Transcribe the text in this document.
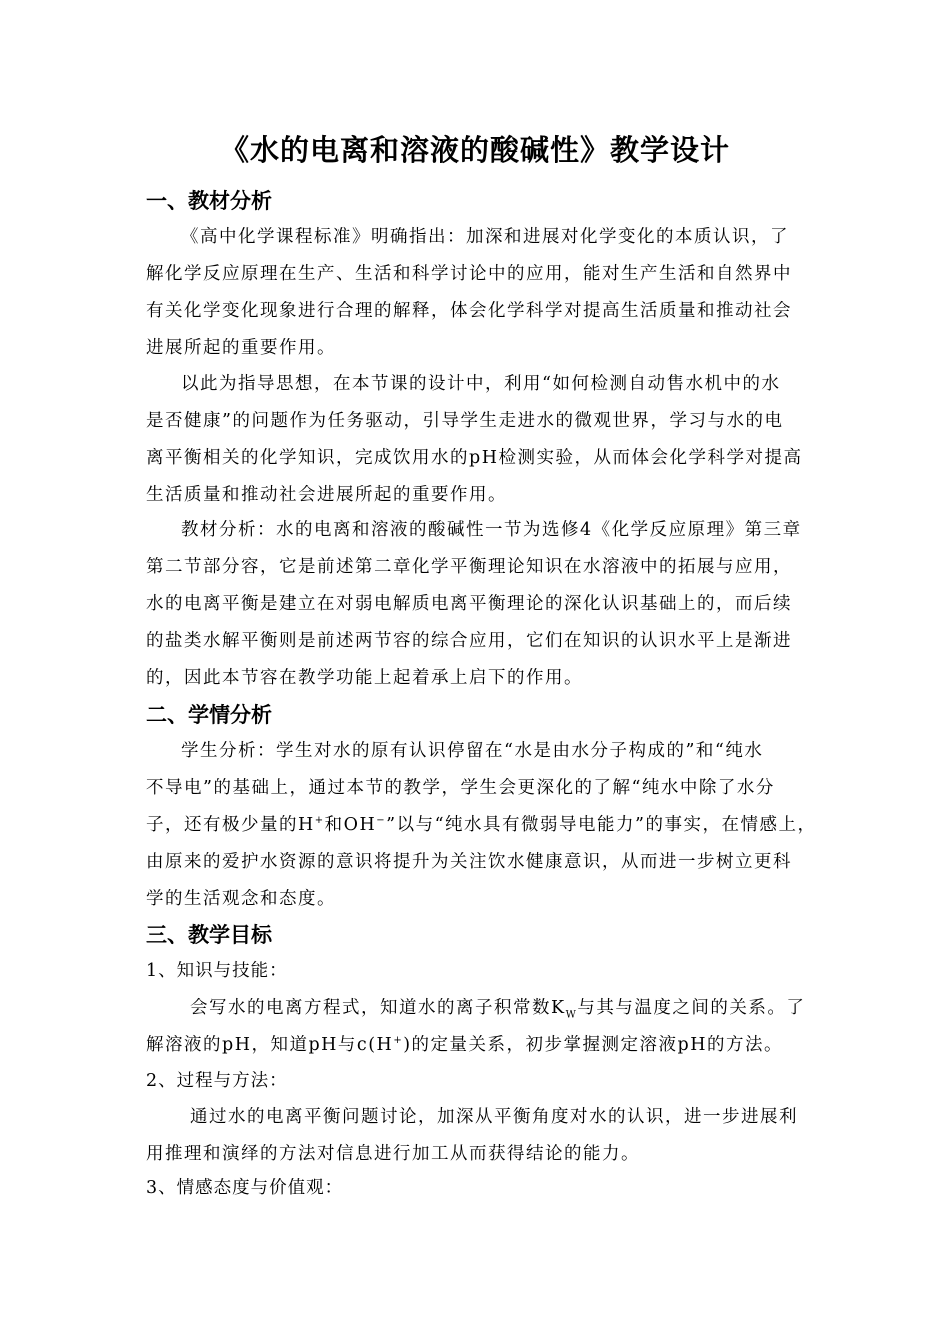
《水的电离和溶液的酸碱性》教学设计
一、教材分析

《高中化学课程标准》明确指出：加深和进展对化学变化的本质认识，了
解化学反应原理在生产、生活和科学讨论中的应用，能对生产生活和自然界中
有关化学变化现象进行合理的解释，体会化学科学对提高生活质量和推动社会
进展所起的重要作用。

以此为指导思想，在本节课的设计中，利用“如何检测自动售水机中的水
是否健康”的问题作为任务驱动，引导学生走进水的微观世界，学习与水的电
离平衡相关的化学知识，完成饮用水的pH检测实验，从而体会化学科学对提高
生活质量和推动社会进展所起的重要作用。

教材分析：水的电离和溶液的酸碱性一节为选修4《化学反应原理》第三章
第二节部分容，它是前述第二章化学平衡理论知识在水溶液中的拓展与应用，
水的电离平衡是建立在对弱电解质电离平衡理论的深化认识基础上的，而后续
的盐类水解平衡则是前述两节容的综合应用，它们在知识的认识水平上是渐进
的，因此本节容在教学功能上起着承上启下的作用。

二、学情分析

学生分析：学生对水的原有认识停留在“水是由水分子构成的”和“纯水
不导电”的基础上，通过本节的教学，学生会更深化的了解“纯水中除了水分
子，还有极少量的H+和OH−”以与“纯水具有微弱导电能力”的事实，在情感上，
由原来的爱护水资源的意识将提升为关注饮水健康意识，从而进一步树立更科
学的生活观念和态度。

三、教学目标
1、知识与技能：

会写水的电离方程式，知道水的离子积常数$K_W$与其与温度之间的关系。了
解溶液的pH，知道pH与c(H+)的定量关系，初步掌握测定溶液pH的方法。

2、过程与方法：

通过水的电离平衡问题讨论，加深从平衡角度对水的认识，进一步进展利
用推理和演绎的方法对信息进行加工从而获得结论的能力。

3、情感态度与价值观：
